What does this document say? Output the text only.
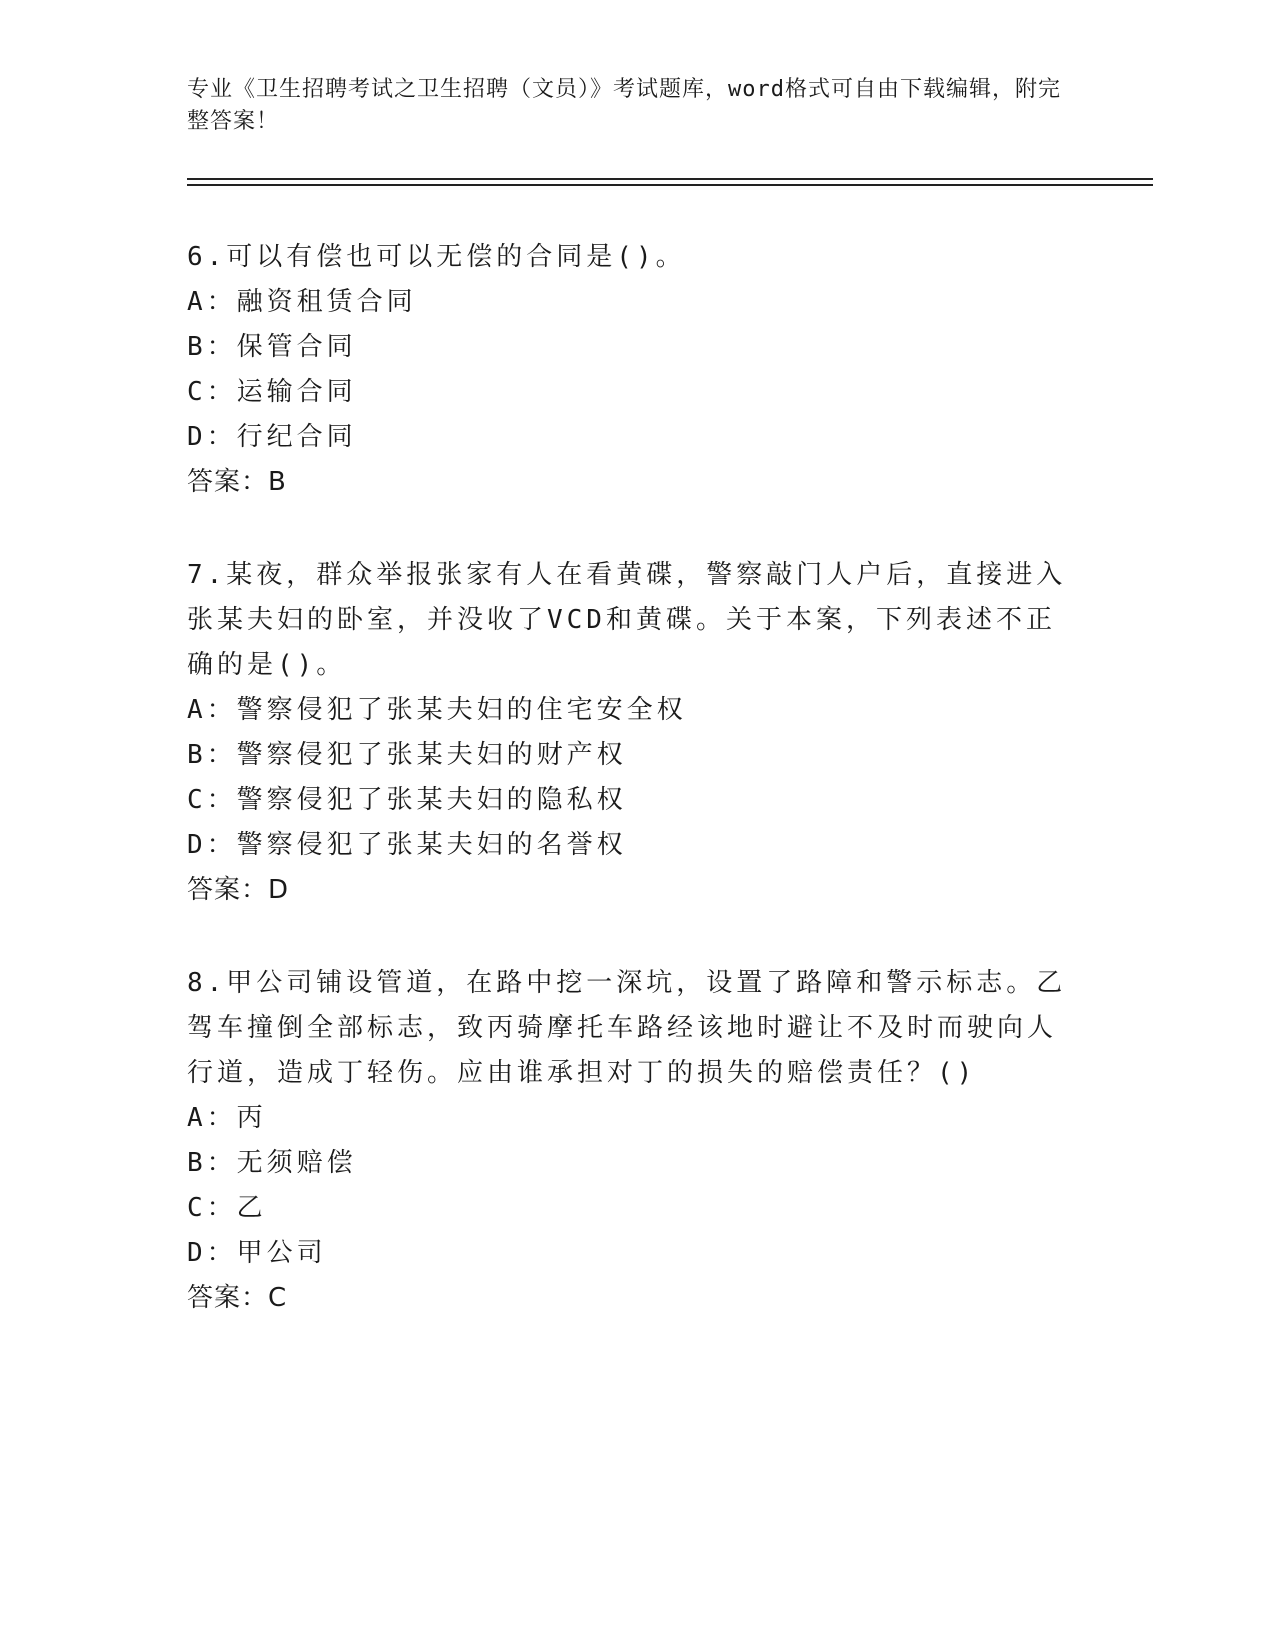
专业《卫生招聘考试之卫生招聘（文员）》考试题库，word格式可自由下载编辑，附完整答案！
6.可以有偿也可以无偿的合同是()。
A：融资租赁合同
B：保管合同
C：运输合同
D：行纪合同
答案：B
7.某夜，群众举报张家有人在看黄碟，警察敲门人户后，直接进入张某夫妇的卧室，并没收了VCD和黄碟。关于本案，下列表述不正确的是()。
A：警察侵犯了张某夫妇的住宅安全权
B：警察侵犯了张某夫妇的财产权
C：警察侵犯了张某夫妇的隐私权
D：警察侵犯了张某夫妇的名誉权
答案：D
8.甲公司铺设管道，在路中挖一深坑，设置了路障和警示标志。乙驾车撞倒全部标志，致丙骑摩托车路经该地时避让不及时而驶向人行道，造成丁轻伤。应由谁承担对丁的损失的赔偿责任？()
A：丙
B：无须赔偿
C：乙
D：甲公司
答案：C
